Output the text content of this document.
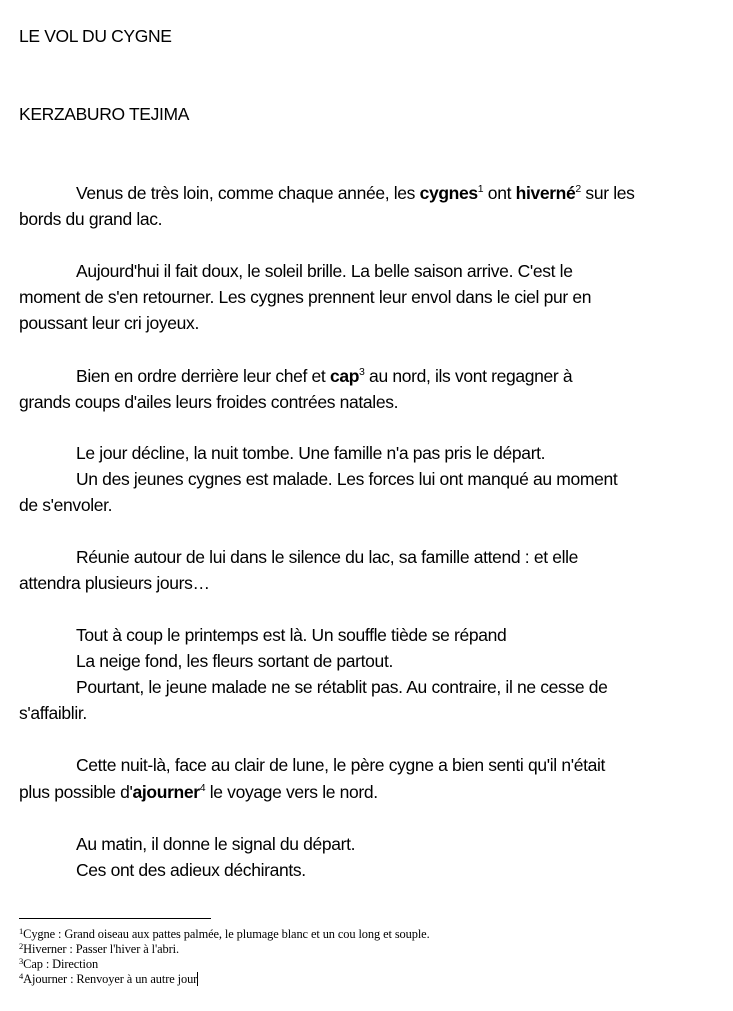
LE VOL DU CYGNE
KERZABURO TEJIMA
Venus de très loin, comme chaque année, les cygnes$^1$ ont hiverné$^2$ sur les
bords du grand lac.
Aujourd'hui il fait doux, le soleil brille. La belle saison arrive. C'est le
moment de s'en retourner. Les cygnes prennent leur envol dans le ciel pur en
poussant leur cri joyeux.
Bien en ordre derrière leur chef et cap$^3$ au nord, ils vont regagner à
grands coups d'ailes leurs froides contrées natales.
Le jour décline, la nuit tombe. Une famille n'a pas pris le départ.
Un des jeunes cygnes est malade. Les forces lui ont manqué au moment
de s'envoler.
Réunie autour de lui dans le silence du lac, sa famille attend : et elle
attendra plusieurs jours…
Tout à coup le printemps est là. Un souffle tiède se répand
La neige fond, les fleurs sortant de partout.
Pourtant, le jeune malade ne se rétablit pas. Au contraire, il ne cesse de
s'affaiblir.
Cette nuit-là, face au clair de lune, le père cygne a bien senti qu'il n'était
plus possible d'ajourner$^4$ le voyage vers le nord.
Au matin, il donne le signal du départ.
Ces ont des adieux déchirants.
$^1$Cygne : Grand oiseau aux pattes palmée, le plumage blanc et un cou long et souple.
$^2$Hiverner : Passer l'hiver à l'abri.
$^3$Cap : Direction
$^4$Ajourner : Renvoyer à un autre jour
